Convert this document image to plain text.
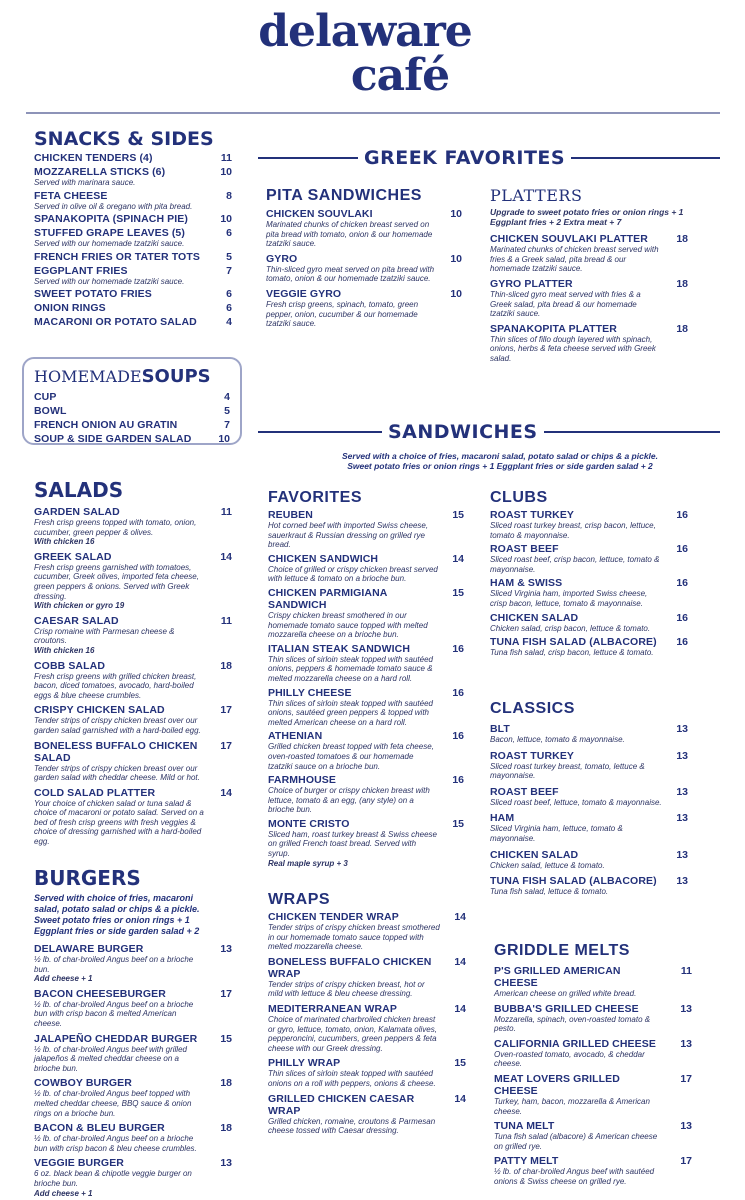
delaware
café
SNACKS & SIDES
CHICKEN TENDERS (4)	11
MOZZARELLA STICKS (6)	10
Served with marinara sauce.
FETA CHEESE	8
Served in olive oil & oregano with pita bread.
SPANAKOPITA (SPINACH PIE)	10
STUFFED GRAPE LEAVES (5)	6
Served with our homemade tzatziki sauce.
FRENCH FRIES OR TATER TOTS	5
EGGPLANT FRIES	7
Served with our homemade tzatziki sauce.
SWEET POTATO FRIES	6
ONION RINGS	6
MACARONI OR POTATO SALAD	4
HOMEMADESOUPS
CUP	4
BOWL	5
FRENCH ONION AU GRATIN	7
SOUP & SIDE GARDEN SALAD	10
SALADS
GARDEN SALAD	11
Fresh crisp greens topped with tomato, onion, cucumber, green pepper & olives.
With chicken 16
GREEK SALAD	14
Fresh crisp greens garnished with tomatoes, cucumber, Greek olives, imported feta cheese, green peppers & onions. Served with Greek dressing.
With chicken or gyro 19
CAESAR SALAD	11
Crisp romaine with Parmesan cheese & croutons.
With chicken 16
COBB SALAD	18
Fresh crisp greens with grilled chicken breast, bacon, diced tomatoes, avocado, hard-boiled eggs & blue cheese crumbles.
CRISPY CHICKEN SALAD	17
Tender strips of crispy chicken breast over our garden salad garnished with a hard-boiled egg.
BONELESS BUFFALO CHICKEN SALAD
17
Tender strips of crispy chicken breast over our garden salad with cheddar cheese. Mild or hot.
COLD SALAD PLATTER	14
Your choice of chicken salad or tuna salad & choice of macaroni or potato salad. Served on a bed of fresh crisp greens with fresh veggies & choice of dressing garnished with a hard-boiled egg.
BURGERS
Served with choice of fries, macaroni salad, potato salad or chips & a pickle. Sweet potato fries or onion rings + 1 Eggplant fries or side garden salad + 2
DELAWARE BURGER	13
½ lb. of char-broiled Angus beef on a brioche bun.
Add cheese + 1
BACON CHEESEBURGER	17
½ lb. of char-broiled Angus beef on a brioche bun with crisp bacon & melted American cheese.
JALAPEÑO CHEDDAR BURGER	15
½ lb. of char-broiled Angus beef with grilled jalapeños & melted cheddar cheese on a brioche bun.
COWBOY BURGER	18
½ lb. of char-broiled Angus beef topped with melted cheddar cheese, BBQ sauce & onion rings on a brioche bun.
BACON & BLEU BURGER	18
½ lb. of char-broiled Angus beef on a brioche bun with crisp bacon & bleu cheese crumbles.
VEGGIE BURGER	13
6 oz. black bean & chipotle veggie burger on brioche bun.
Add cheese + 1
GREEK FAVORITES
PITA SANDWICHES
CHICKEN SOUVLAKI	10
Marinated chunks of chicken breast served on pita bread with tomato, onion & our homemade tzatziki sauce.
GYRO	10
Thin-sliced gyro meat served on pita bread with tomato, onion & our homemade tzatziki sauce.
VEGGIE GYRO	10
Fresh crisp greens, spinach, tomato, green pepper, onion, cucumber & our homemade tzatziki sauce.
PLATTERS
Upgrade to sweet potato fries or onion rings + 1
Eggplant fries + 2 Extra meat + 7
CHICKEN SOUVLAKI PLATTER	18
Marinated chunks of chicken breast served with fries & a Greek salad, pita bread & our homemade tzatziki sauce.
GYRO PLATTER	18
Thin-sliced gyro meat served with fries & a Greek salad, pita bread & our homemade tzatziki sauce.
SPANAKOPITA PLATTER	18
Thin slices of fillo dough layered with spinach, onions, herbs & feta cheese served with Greek salad.
SANDWICHES
Served with a choice of fries, macaroni salad, potato salad or chips & a pickle.
Sweet potato fries or onion rings + 1 Eggplant fries or side garden salad + 2
FAVORITES
REUBEN	15
Hot corned beef with imported Swiss cheese, sauerkraut & Russian dressing on grilled rye bread.
CHICKEN SANDWICH	14
Choice of grilled or crispy chicken breast served with lettuce & tomato on a brioche bun.
CHICKEN PARMIGIANA SANDWICH
15
Crispy chicken breast smothered in our homemade tomato sauce topped with melted mozzarella cheese on a brioche bun.
ITALIAN STEAK SANDWICH	16
Thin slices of sirloin steak topped with sautéed onions, peppers & homemade tomato sauce & melted mozzarella cheese on a hard roll.
PHILLY CHEESE	16
Thin slices of sirloin steak topped with sautéed onions, sautéed green peppers & topped with melted American cheese on a hard roll.
ATHENIAN	16
Grilled chicken breast topped with feta cheese, oven-roasted tomatoes & our homemade tzatziki sauce on a brioche bun.
FARMHOUSE	16
Choice of burger or crispy chicken breast with lettuce, tomato & an egg, (any style) on a brioche bun.
MONTE CRISTO	15
Sliced ham, roast turkey breast & Swiss cheese on grilled French toast bread. Served with syrup.
Real maple syrup + 3
CLUBS
ROAST TURKEY	16
Sliced roast turkey breast, crisp bacon, lettuce, tomato & mayonnaise.
ROAST BEEF	16
Sliced roast beef, crisp bacon, lettuce, tomato & mayonnaise.
HAM & SWISS	16
Sliced Virginia ham, imported Swiss cheese, crisp bacon, lettuce, tomato & mayonnaise.
CHICKEN SALAD	16
Chicken salad, crisp bacon, lettuce & tomato.
TUNA FISH SALAD (ALBACORE)	16
Tuna fish salad, crisp bacon, lettuce & tomato.
CLASSICS
BLT	13
Bacon, lettuce, tomato & mayonnaise.
ROAST TURKEY	13
Sliced roast turkey breast, tomato, lettuce & mayonnaise.
ROAST BEEF	13
Sliced roast beef, lettuce, tomato & mayonnaise.
HAM	13
Sliced Virginia ham, lettuce, tomato & mayonnaise.
CHICKEN SALAD	13
Chicken salad, lettuce & tomato.
TUNA FISH SALAD (ALBACORE)	13
Tuna fish salad, lettuce & tomato.
WRAPS
CHICKEN TENDER WRAP	14
Tender strips of crispy chicken breast smothered in our homemade tomato sauce topped with melted mozzarella cheese.
BONELESS BUFFALO CHICKEN WRAP
14
Tender strips of crispy chicken breast, hot or mild with lettuce & bleu cheese dressing.
MEDITERRANEAN WRAP	14
Choice of marinated charbroiled chicken breast or gyro, lettuce, tomato, onion, Kalamata olives, pepperoncini, cucumbers, green peppers & feta cheese with our Greek dressing.
PHILLY WRAP	15
Thin slices of sirloin steak topped with sautéed onions on a roll with peppers, onions & cheese.
GRILLED CHICKEN CAESAR WRAP
14
Grilled chicken, romaine, croutons & Parmesan cheese tossed with Caesar dressing.
GRIDDLE MELTS
P'S GRILLED AMERICAN CHEESE
11
American cheese on grilled white bread.
BUBBA'S GRILLED CHEESE	13
Mozzarella, spinach, oven-roasted tomato & pesto.
CALIFORNIA GRILLED CHEESE	13
Oven-roasted tomato, avocado, & cheddar cheese.
MEAT LOVERS GRILLED CHEESE
17
Turkey, ham, bacon, mozzarella & American cheese.
TUNA MELT	13
Tuna fish salad (albacore) & American cheese on grilled rye.
PATTY MELT	17
½ lb. of char-broiled Angus beef with sautéed onions & Swiss cheese on grilled rye.
